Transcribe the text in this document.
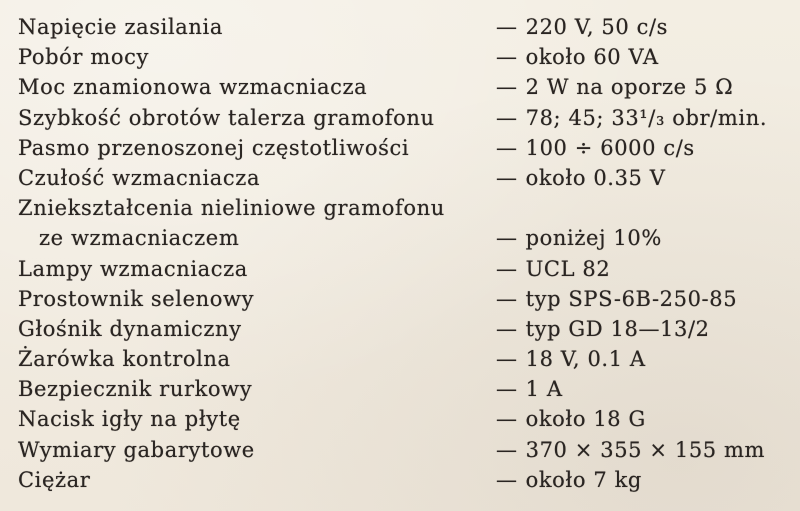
Napięcie zasilania	— 220 V, 50 c/s
Pobór mocy	— około 60 VA
Moc znamionowa wzmacniacza	— 2 W na oporze 5 Ω
Szybkość obrotów talerza gramofonu	— 78; 45; 33¹/₃ obr/min.
Pasmo przenoszonej częstotliwości	— 100 ÷ 6000 c/s
Czułość wzmacniacza	— około 0.35 V
Zniekształcenia nieliniowe gramofonu
ze wzmacniaczem	— poniżej 10%
Lampy wzmacniacza	— UCL 82
Prostownik selenowy	— typ SPS-6B-250-85
Głośnik dynamiczny	— typ GD 18—13/2
Żarówka kontrolna	— 18 V, 0.1 A
Bezpiecznik rurkowy	— 1 A
Nacisk igły na płytę	— około 18 G
Wymiary gabarytowe	— 370 × 355 × 155 mm
Ciężar	— około 7 kg
